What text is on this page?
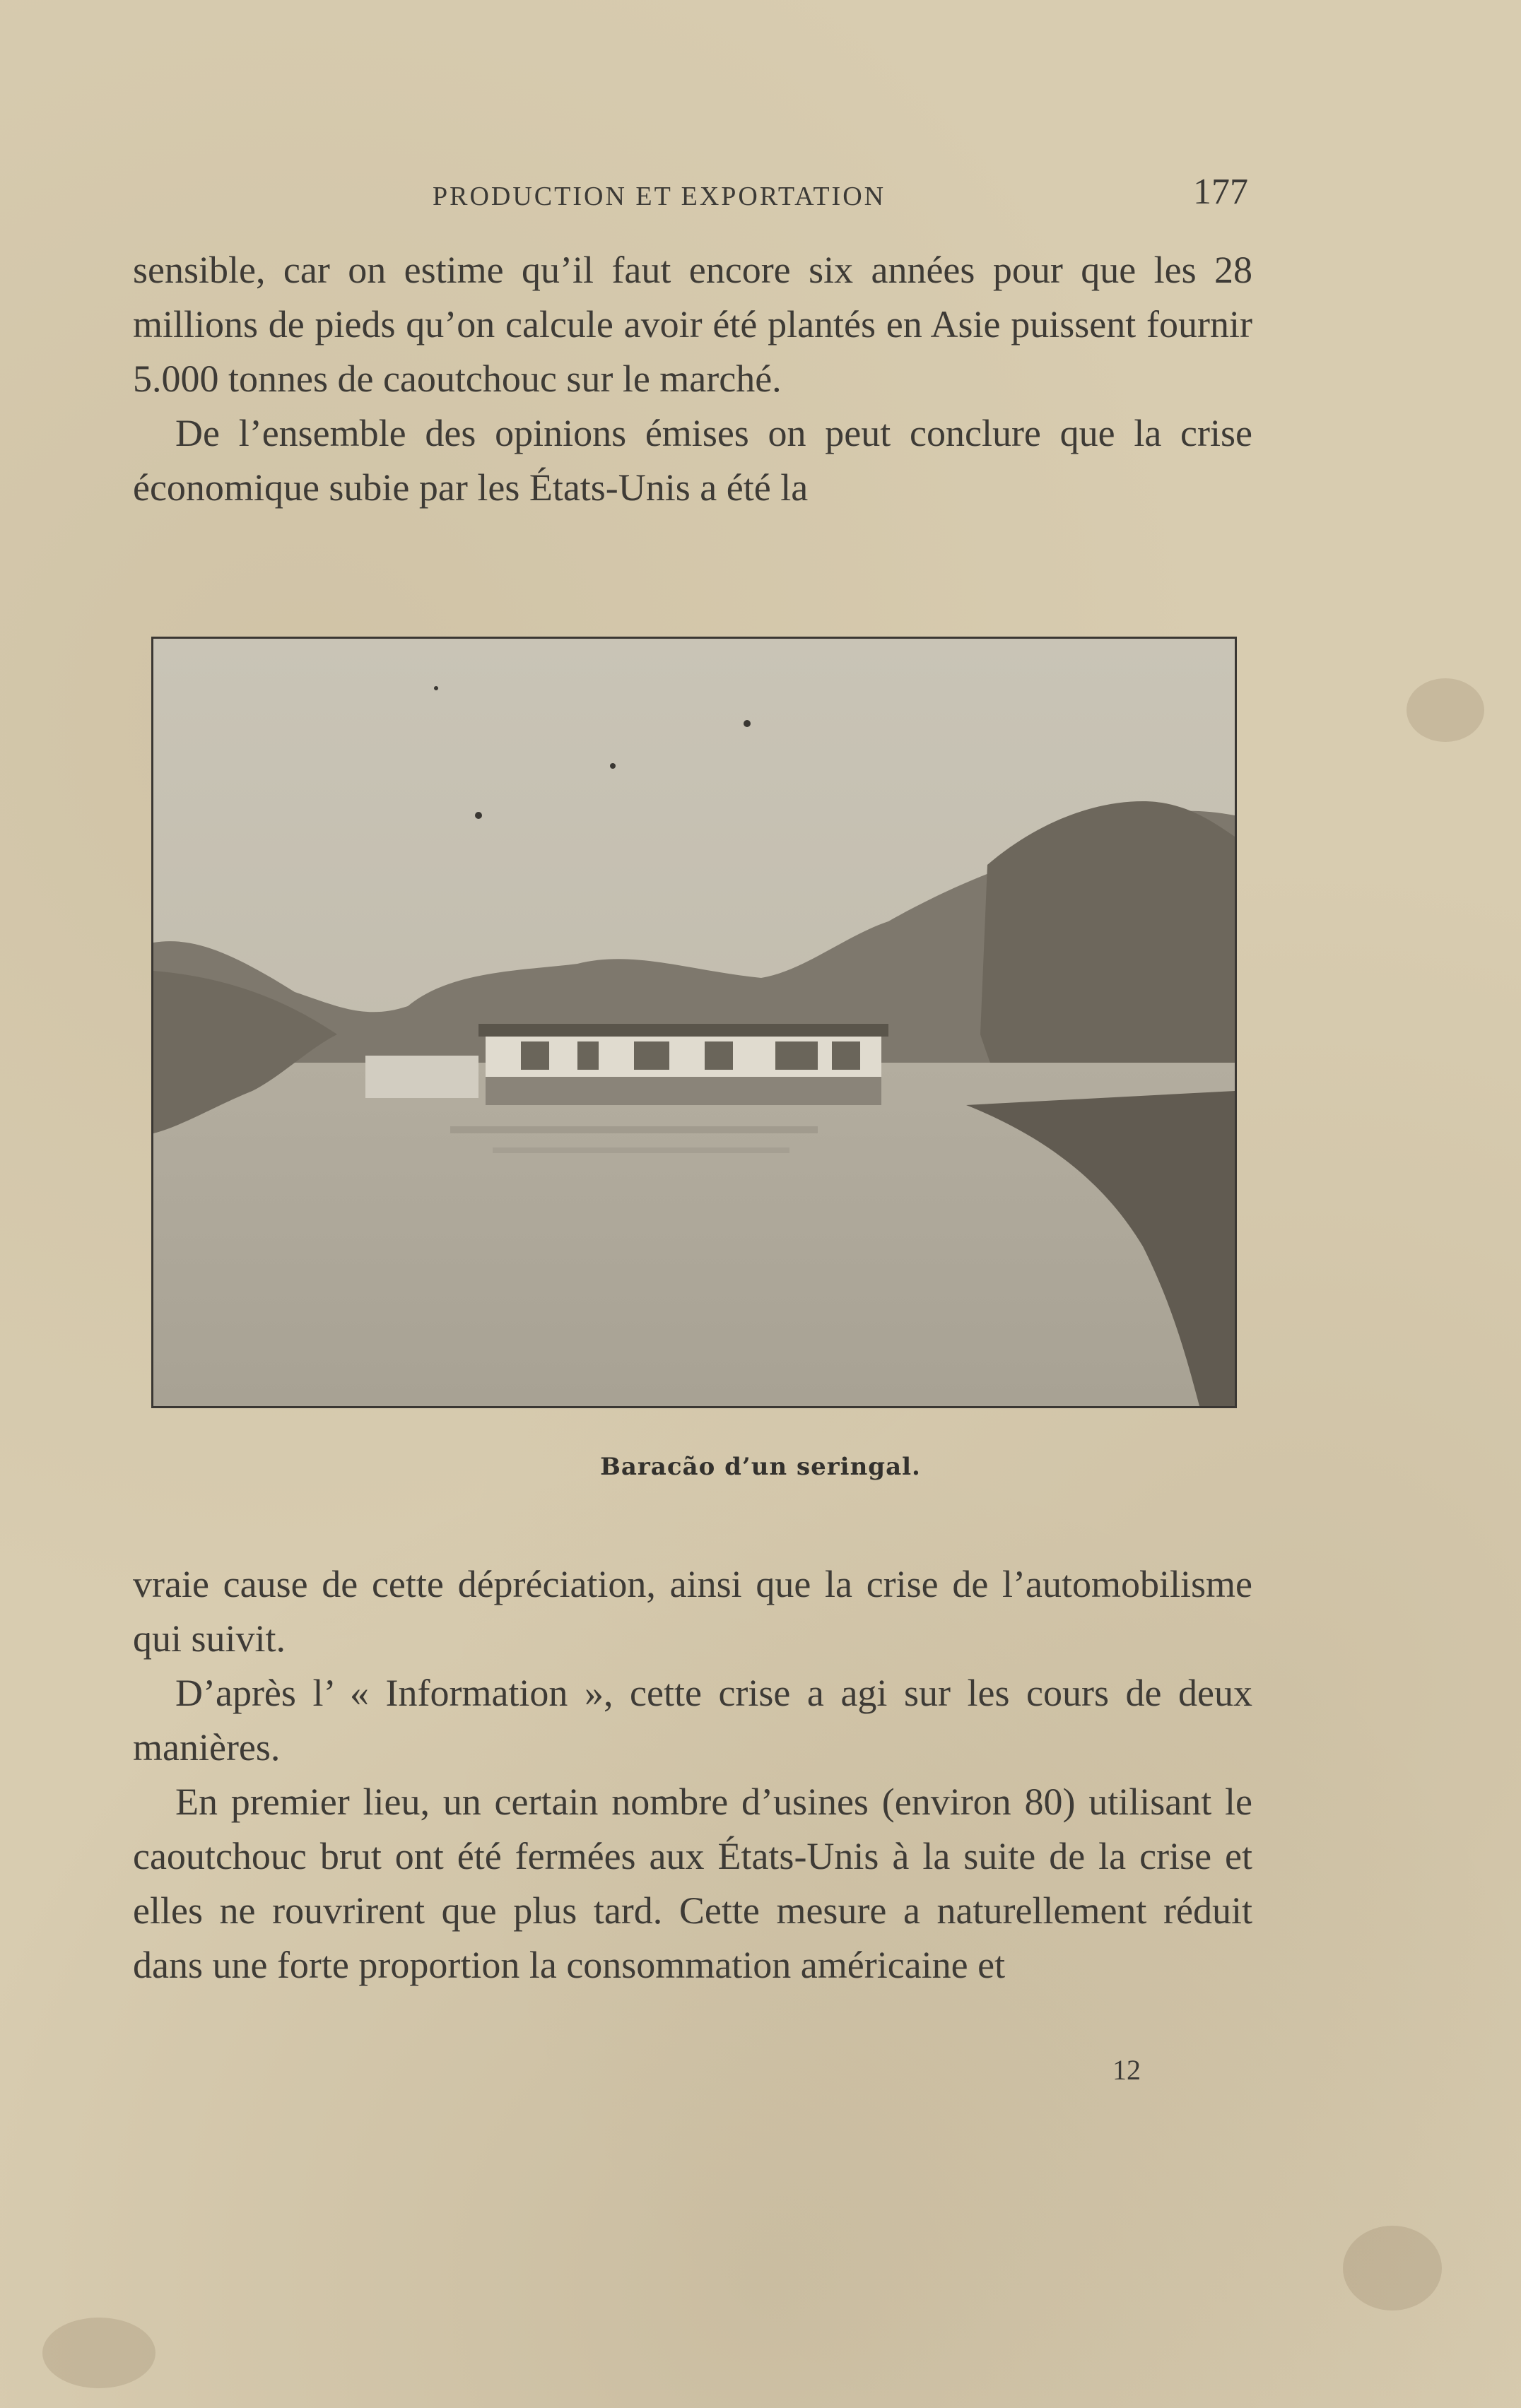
PRODUCTION ET EXPORTATION	177

sensible, car on estime qu’il faut encore six années pour que les 28 millions de pieds qu’on calcule avoir été plantés en Asie puissent fournir 5.000 tonnes de caoutchouc sur le marché.

De l’ensemble des opinions émises on peut conclure que la crise économique subie par les États-Unis a été la

Baracão d’un seringal.

vraie cause de cette dépréciation, ainsi que la crise de l’automobilisme qui suivit.

D’après l’ « Information », cette crise a agi sur les cours de deux manières.

En premier lieu, un certain nombre d’usines (environ 80) utilisant le caoutchouc brut ont été fermées aux États-Unis à la suite de la crise et elles ne rouvrirent que plus tard. Cette mesure a naturellement réduit dans une forte proportion la consommation américaine et

12
